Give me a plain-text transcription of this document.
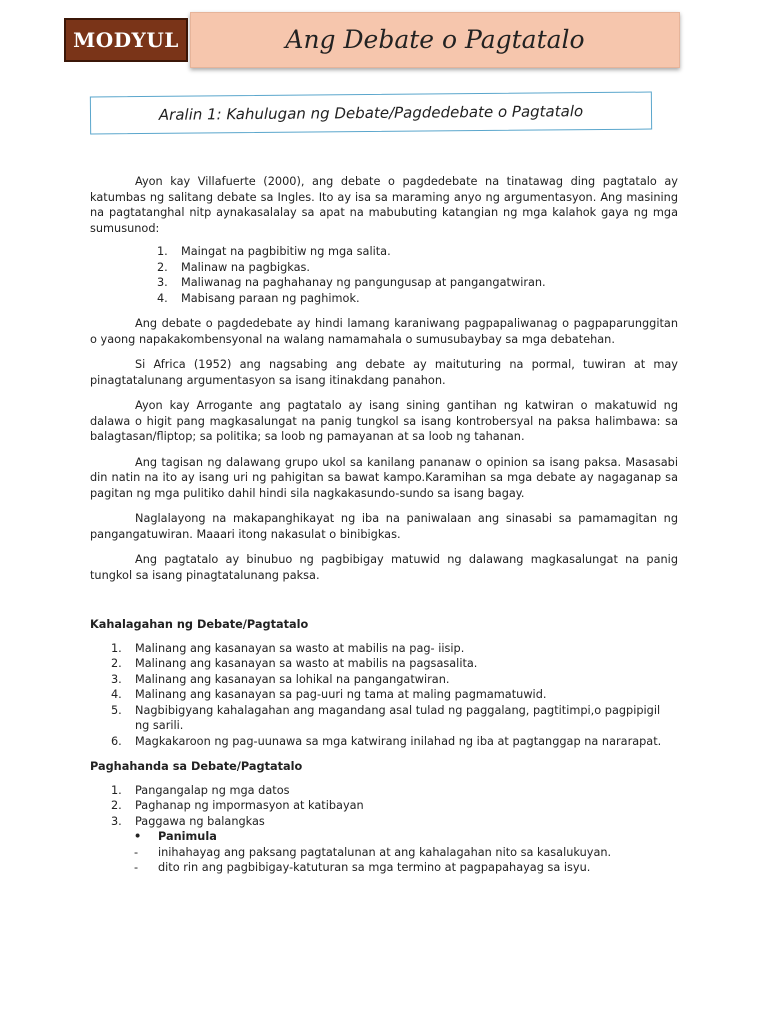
MODYUL 4
Ang Debate o Pagtatalo
Aralin 1: Kahulugan ng Debate/Pagdedebate o Pagtatalo

Ayon kay Villafuerte (2000), ang debate o pagdedebate na tinatawag ding pagtatalo ay katumbas ng salitang debate sa Ingles. Ito ay isa sa maraming anyo ng argumentasyon. Ang masining na pagtatanghal nitp aynakasalalay sa apat na mabubuting katangian ng mga kalahok gaya ng mga sumusunod:

1.	Maingat na pagbibitiw ng mga salita.
2.	Malinaw na pagbigkas.
3.	Maliwanag na paghahanay ng pangungusap at pangangatwiran.
4.	Mabisang paraan ng paghimok.

Ang debate o pagdedebate ay hindi lamang karaniwang pagpapaliwanag o pagpaparunggitan o yaong napakakombensyonal na walang namamahala o sumusubaybay sa mga debatehan.

Si Africa (1952) ang nagsabing ang debate ay maituturing na pormal, tuwiran at may pinagtatalunang argumentasyon sa isang itinakdang panahon.

Ayon kay Arrogante ang pagtatalo ay isang sining gantihan ng katwiran o makatuwid ng dalawa o higit pang magkasalungat na panig tungkol sa isang kontrobersyal na paksa halimbawa: sa balagtasan/fliptop; sa politika; sa loob ng pamayanan at sa loob ng tahanan.

Ang tagisan ng dalawang grupo ukol sa kanilang pananaw o opinion sa isang paksa. Masasabi din natin na ito ay isang uri ng pahigitan sa bawat kampo.Karamihan sa mga debate ay nagaganap sa pagitan ng mga pulitiko dahil hindi sila nagkakasundo-sundo sa isang bagay.

Naglalayong na makapanghikayat ng iba na paniwalaan ang sinasabi sa pamamagitan ng pangangatuwiran. Maaari itong nakasulat o binibigkas.

Ang pagtatalo ay binubuo ng pagbibigay matuwid ng dalawang magkasalungat na panig tungkol sa isang pinagtatalunang paksa.

Kahalagahan ng Debate/Pagtatalo
1.	Malinang ang kasanayan sa wasto at mabilis na pag- iisip.
2.	Malinang ang kasanayan sa wasto at mabilis na pagsasalita.
3.	Malinang ang kasanayan sa lohikal na pangangatwiran.
4.	Malinang ang kasanayan sa pag-uuri ng tama at maling pagmamatuwid.
5.	Nagbibigyang kahalagahan ang magandang asal tulad ng paggalang, pagtitimpi,o pagpipigil ng sarili.
6.	Magkakaroon ng pag-uunawa sa mga katwirang inilahad ng iba at pagtanggap na nararapat.
Paghahanda sa Debate/Pagtatalo
1.	Pangangalap ng mga datos
2.	Paghanap ng impormasyon at katibayan
3.	Paggawa ng balangkas
• Panimula
- inihahayag ang paksang pagtatalunan at ang kahalagahan nito sa kasalukuyan.
- dito rin ang pagbibigay-katuturan sa mga termino at pagpapahayag sa isyu.
